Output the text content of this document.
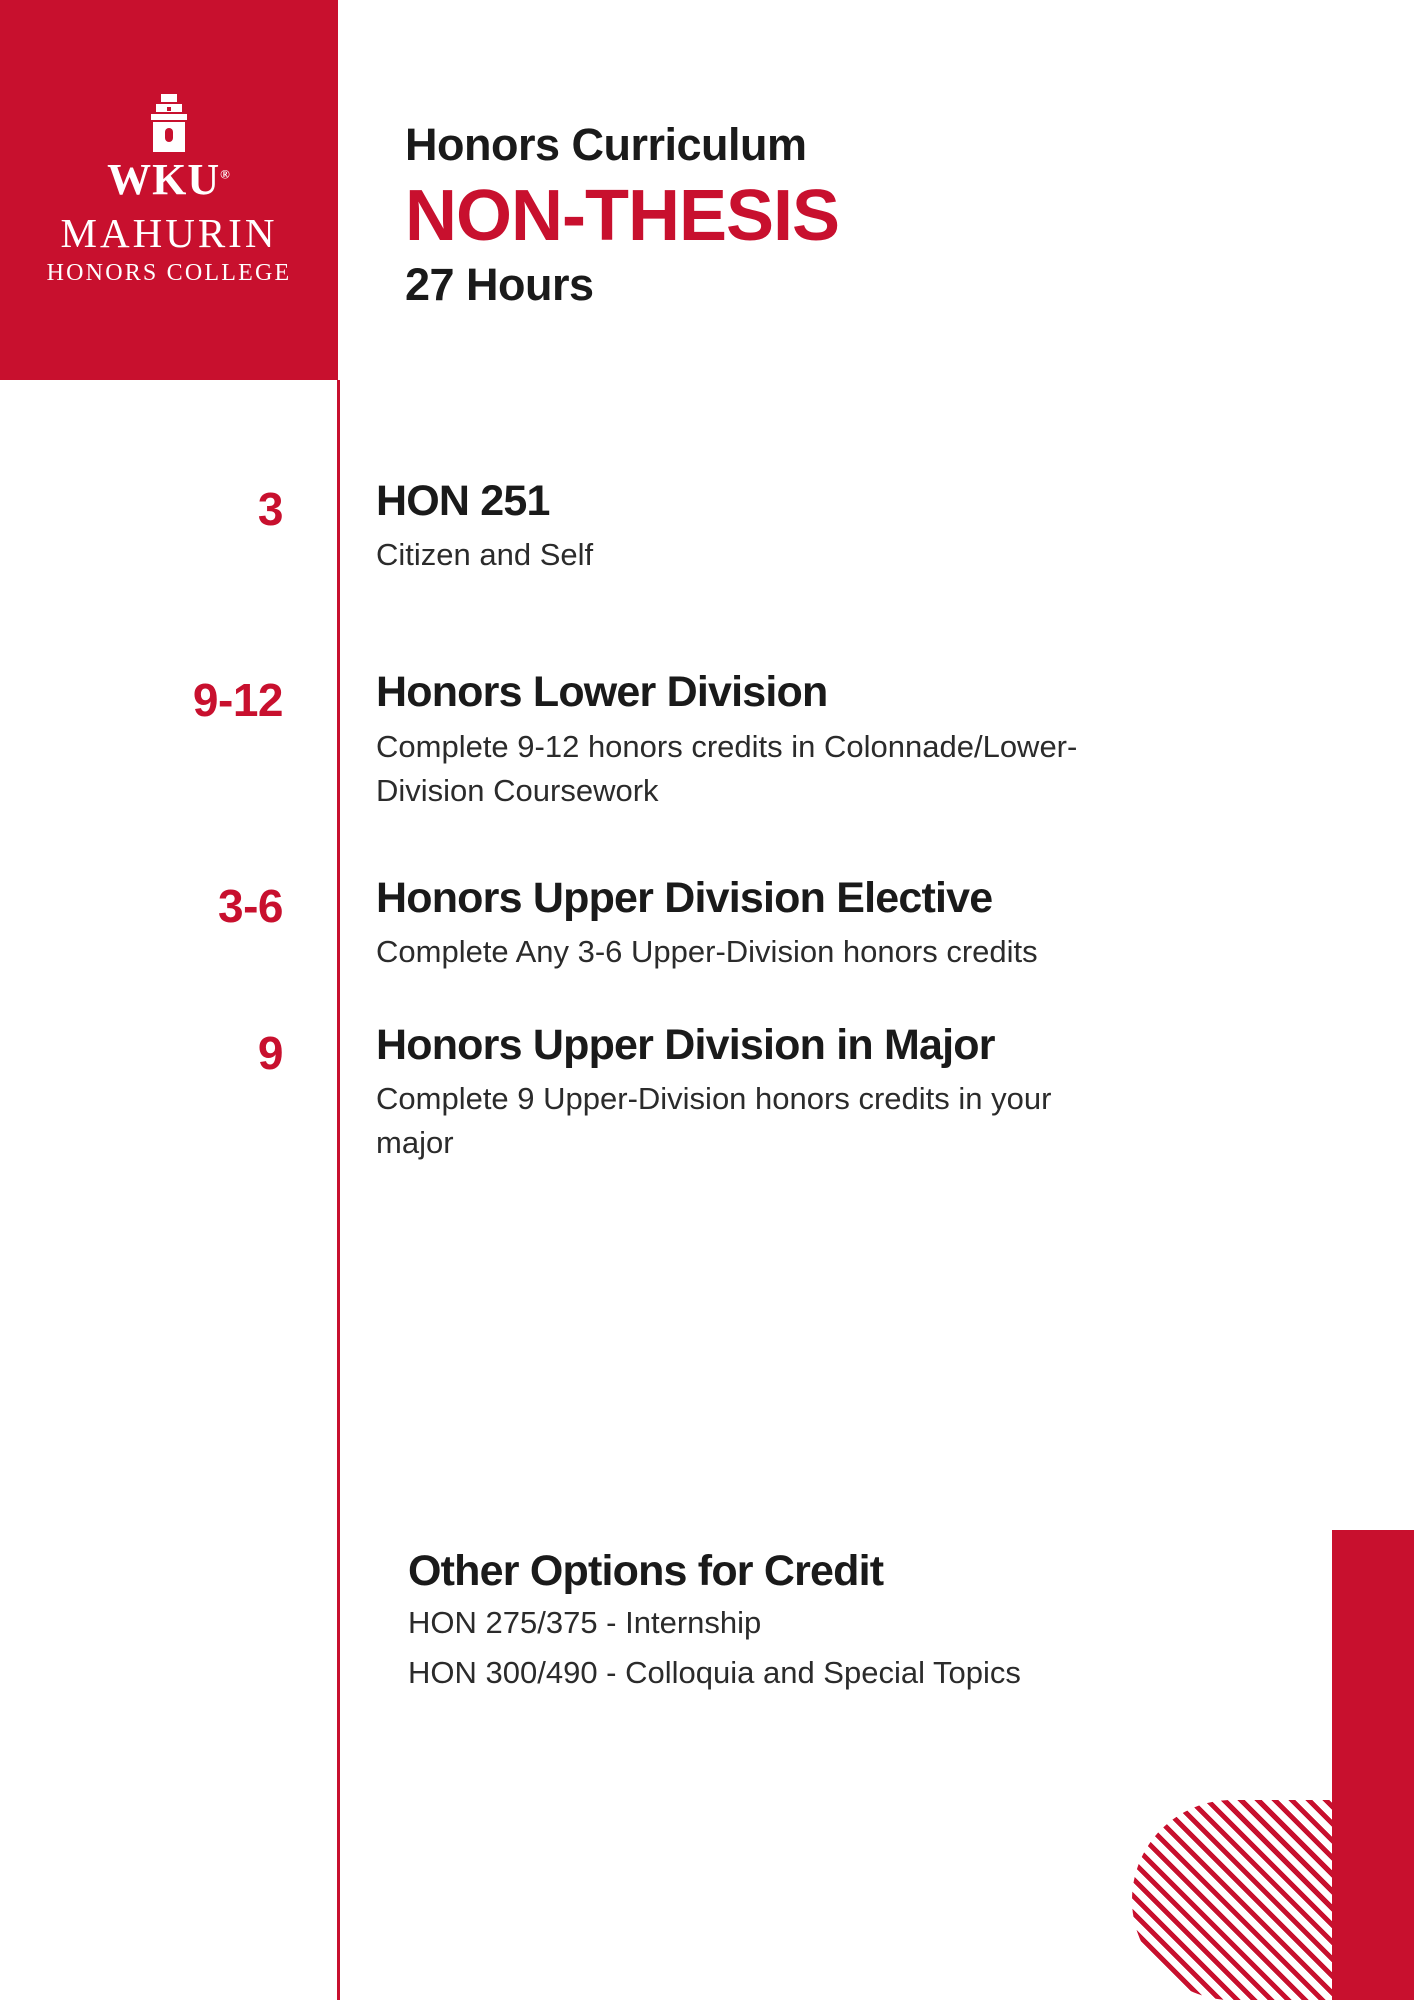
WKU®
MAHURIN
HONORS COLLEGE
Honors Curriculum
NON-THESIS
27 Hours
3	HON 251
Citizen and Self
9-12	Honors Lower Division
Complete 9-12 honors credits in Colonnade/Lower-Division Coursework
3-6	Honors Upper Division Elective
Complete Any 3-6 Upper-Division honors credits
9	Honors Upper Division in Major
Complete 9 Upper-Division honors credits in your major
Other Options for Credit
HON 275/375 - Internship
HON 300/490 - Colloquia and Special Topics
